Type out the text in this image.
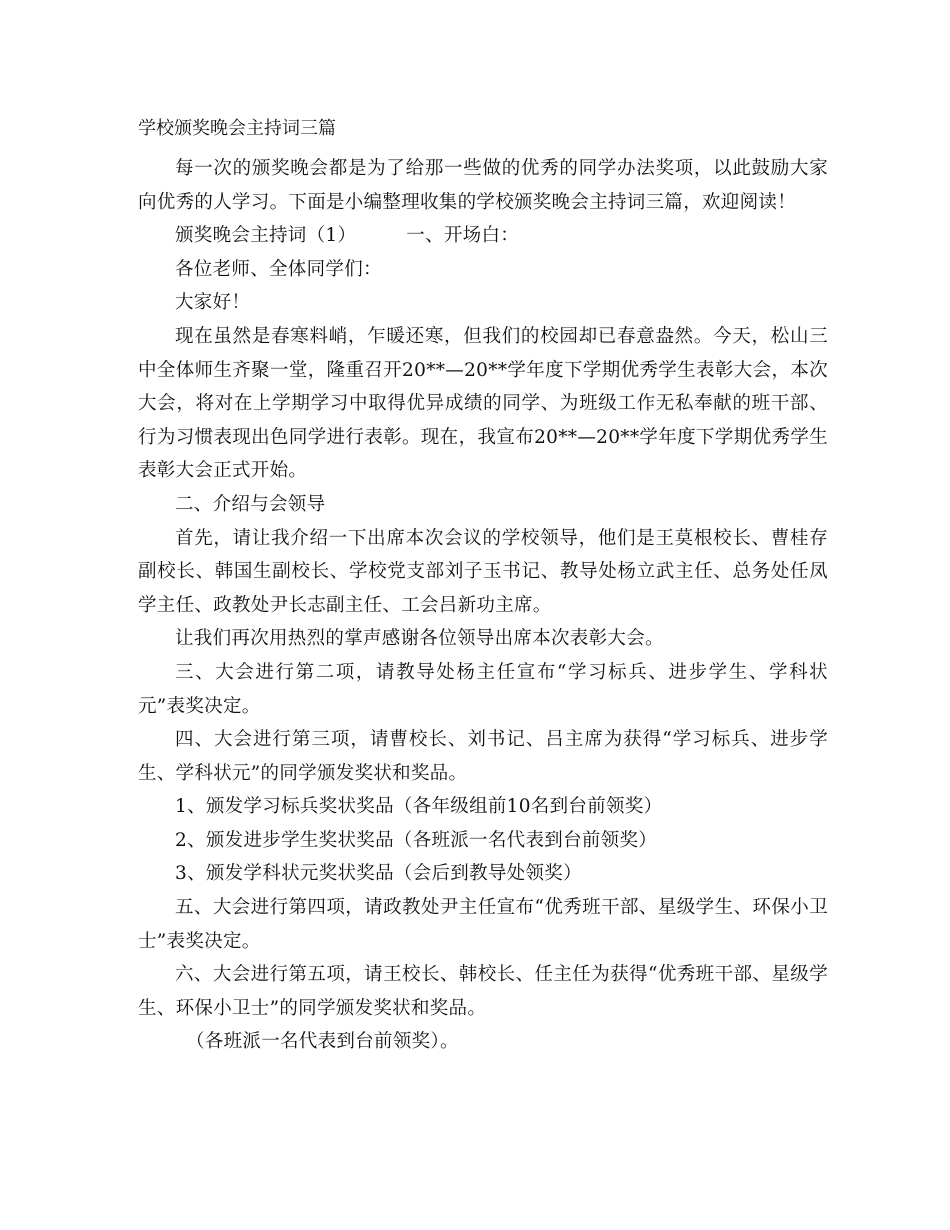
学校颁奖晚会主持词三篇

每一次的颁奖晚会都是为了给那一些做的优秀的同学办法奖项，以此鼓励大家向优秀的人学习。下面是小编整理收集的学校颁奖晚会主持词三篇，欢迎阅读！

颁奖晚会主持词（1）	一、开场白：

各位老师、全体同学们：

大家好！

现在虽然是春寒料峭，乍暖还寒，但我们的校园却已春意盎然。今天，松山三中全体师生齐聚一堂，隆重召开20**—20**学年度下学期优秀学生表彰大会，本次大会，将对在上学期学习中取得优异成绩的同学、为班级工作无私奉献的班干部、行为习惯表现出色同学进行表彰。现在，我宣布20**—20**学年度下学期优秀学生表彰大会正式开始。

二、介绍与会领导

首先，请让我介绍一下出席本次会议的学校领导，他们是王莫根校长、曹桂存副校长、韩国生副校长、学校党支部刘子玉书记、教导处杨立武主任、总务处任凤学主任、政教处尹长志副主任、工会吕新功主席。

让我们再次用热烈的掌声感谢各位领导出席本次表彰大会。

三、大会进行第二项，请教导处杨主任宣布“学习标兵、进步学生、学科状元”表奖决定。

四、大会进行第三项，请曹校长、刘书记、吕主席为获得“学习标兵、进步学生、学科状元”的同学颁发奖状和奖品。

1、颁发学习标兵奖状奖品（各年级组前10名到台前领奖）

2、颁发进步学生奖状奖品（各班派一名代表到台前领奖）

3、颁发学科状元奖状奖品（会后到教导处领奖）

五、大会进行第四项，请政教处尹主任宣布“优秀班干部、星级学生、环保小卫士”表奖决定。

六、大会进行第五项，请王校长、韩校长、任主任为获得“优秀班干部、星级学生、环保小卫士”的同学颁发奖状和奖品。

（各班派一名代表到台前领奖）。
